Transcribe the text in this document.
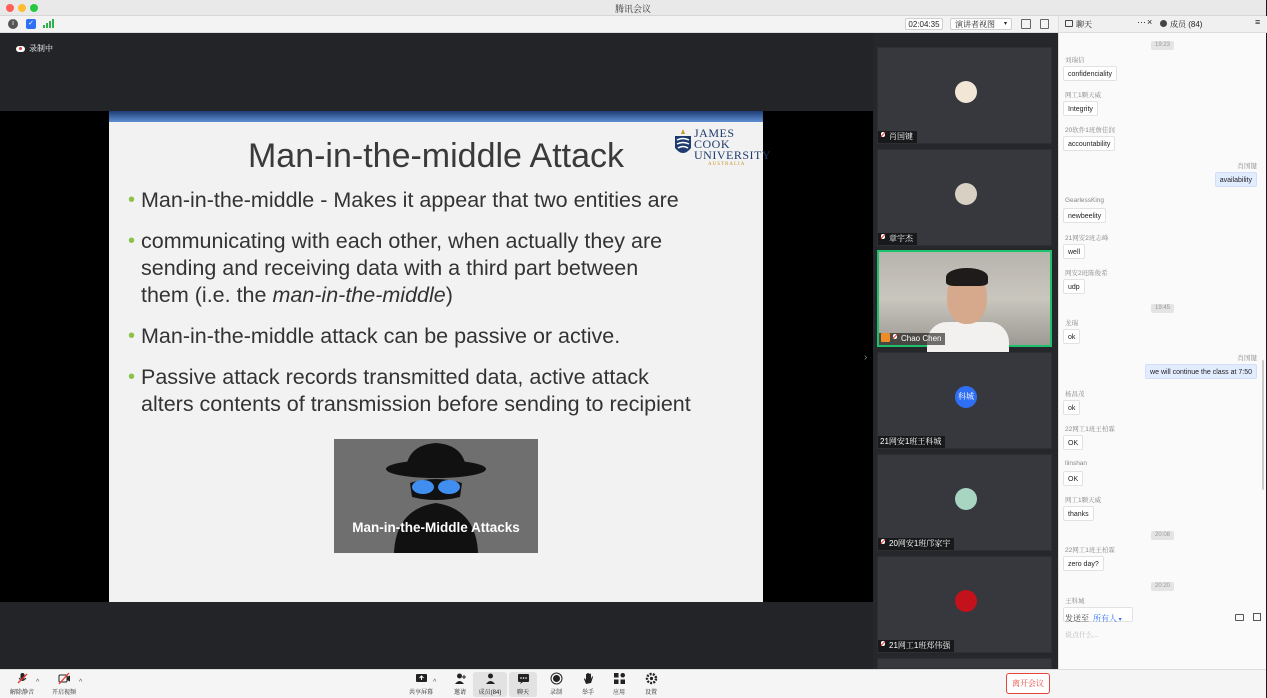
腾讯会议
i	✓	02:04:35	演讲者视图 ▾
录制中
Man-in-the-middle Attack
JAMES COOK
UNIVERSITY
AUSTRALIA
• Man-in-the-middle - Makes it appear that two entities are
• communicating with each other, when actually they are
sending and receiving data with a third part between
them (i.e. the man-in-the-middle)
• Man-in-the-middle attack can be passive or active.
• Passive attack records transmitted data, active attack
alters contents of transmission before sending to recipient
Man-in-the-Middle Attacks
›
肖国键
章宇杰
Chao Chen
科城
21网安1班王科城
20网安1班邝家宇
21网工1班郑伟强
聊天	··· × 成员 (84)	≡
19:23
刘瑞信
confidenciality
网工1颗天威
Integrity
20软件1班詹佳润
accountability
肖国键
availability
GearlessKing
newbeelity
21网安2班志峰
well
网安2班陈俊希
udp
19:45
龙瑞
ok
肖国键
we will continue the class at 7:50
杨昌茂
ok
22网工1班王柏霖
OK
llinshan
OK
网工1颗天威
thanks
20:08
22网工1班王柏霖
zero day?
20:20
王科城
发送至 所有人 ▾
说点什么...
解除静音
^
开启视频
^
共享屏幕
^
邀请	成员(84)	聊天	录制	举手	应用	设置
离开会议
